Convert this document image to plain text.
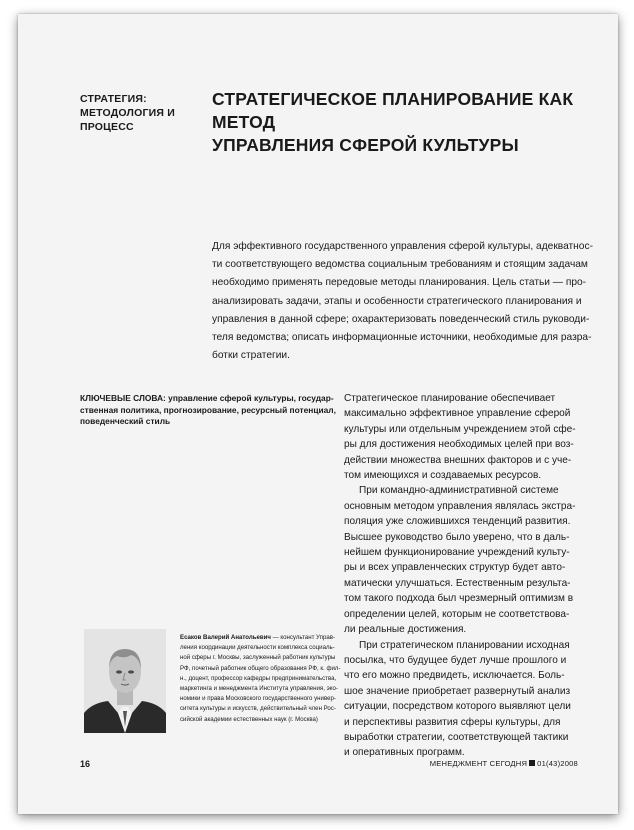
СТРАТЕГИЯ:
МЕТОДОЛОГИЯ И
ПРОЦЕСС
СТРАТЕГИЧЕСКОЕ ПЛАНИРОВАНИЕ КАК МЕТОД
УПРАВЛЕНИЯ СФЕРОЙ КУЛЬТУРЫ
Для эффективного государственного управления сферой культуры, адекватнос-
ти соответствующего ведомства социальным требованиям и стоящим задачам
необходимо применять передовые методы планирования. Цель статьи — про-
анализировать задачи, этапы и особенности стратегического планирования и
управления в данной сфере; охарактеризовать поведенческий стиль руководи-
теля ведомства; описать информационные источники, необходимые для разра-
ботки стратегии.
КЛЮЧЕВЫЕ СЛОВА: управление сферой культуры, государ-
ственная политика, прогнозирование, ресурсный потенциал,
поведенческий стиль
Стратегическое планирование обеспечивает
максимально эффективное управление сферой
культуры или отдельным учреждением этой сфе-
ры для достижения необходимых целей при воз-
действии множества внешних факторов и с уче-
том имеющихся и создаваемых ресурсов.
При командно-административной системе
основным методом управления являлась экстра-
поляция уже сложившихся тенденций развития.
Высшее руководство было уверено, что в даль-
нейшем функционирование учреждений культу-
ры и всех управленческих структур будет авто-
матически улучшаться. Естественным результа-
том такого подхода был чрезмерный оптимизм в
определении целей, которым не соответствова-
ли реальные достижения.
При стратегическом планировании исходная
посылка, что будущее будет лучше прошлого и
что его можно предвидеть, исключается. Боль-
шое значение приобретает развернутый анализ
ситуации, посредством которого выявляют цели
и перспективы развития сферы культуры, для
выработки стратегии, соответствующей тактики
и оперативных программ.
Есаков Валерий Анатольевич — консультант Управ-
ления координации деятельности комплекса социаль-
ной сферы г. Москвы, заслуженный работник культуры
РФ, почетный работник общего образования РФ, к. фил-
н., доцент, профессор кафедры предпринимательства,
маркетинга и менеджмента Института управления, эко-
номики и права Московского государственного универ-
ситета культуры и искусств, действительный член Рос-
сийской академии естественных наук (г. Москва)
16	МЕНЕДЖМЕНТ СЕГОДНЯ 01(43)2008
